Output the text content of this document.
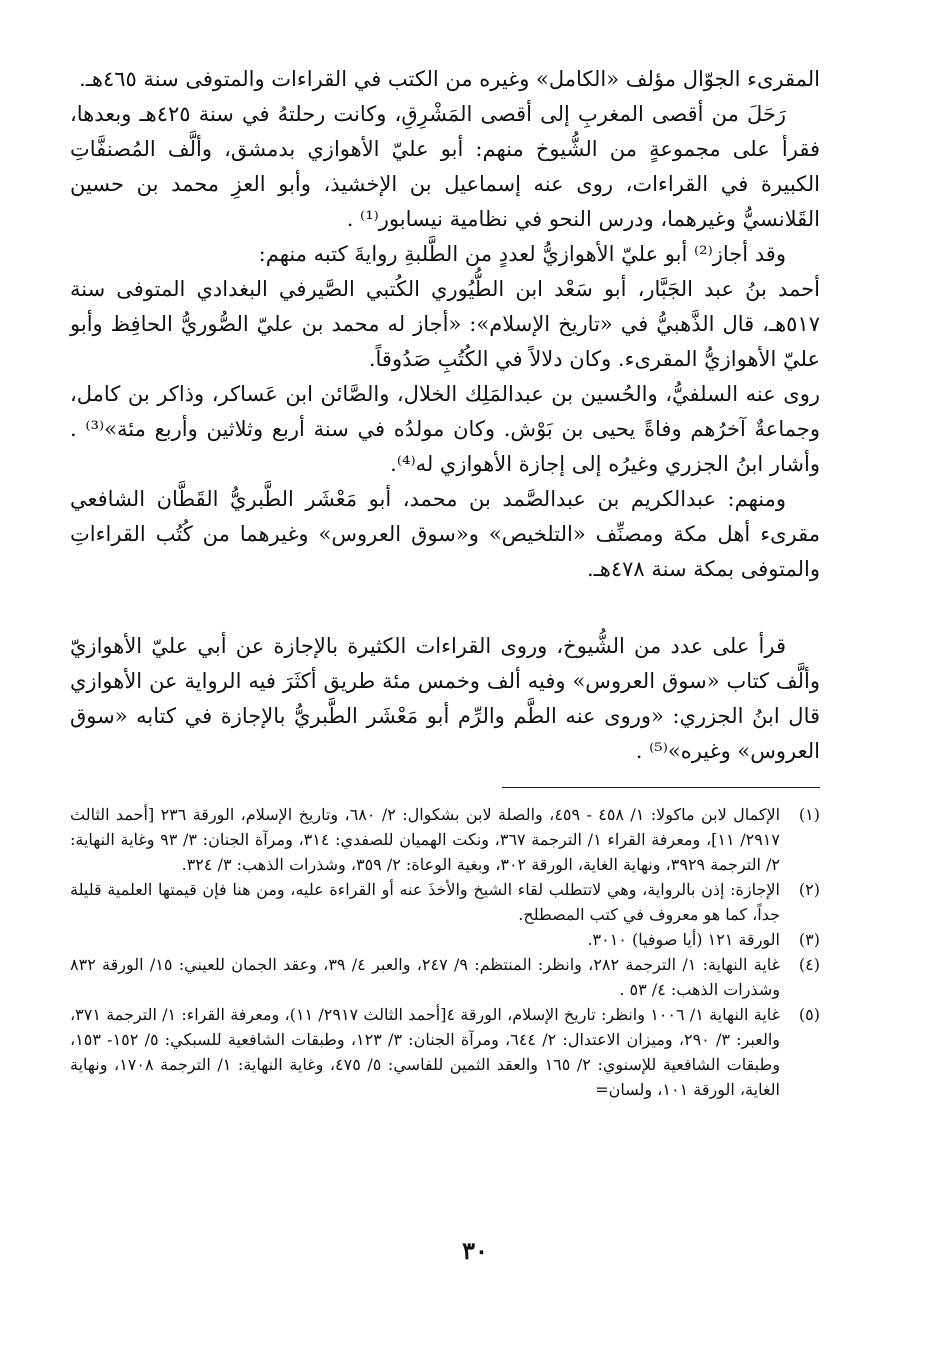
المقرىء الجوّال مؤلف «الكامل» وغيره من الكتب في القراءات والمتوفى سنة ٤٦٥هـ.

رَحَلَ من أقصى المغربِ إلى أقصى المَشْرِقِ، وكانت رحلتهُ في سنة ٤٢٥هـ وبعدها، فقرأ على مجموعةٍ من الشُّيوخ منهم: أبو عليّ الأهوازي بدمشق، وألَّف المُصنفَّاتِ الكبيرة في القراءات، روى عنه إسماعيل بن الإخشيذ، وأبو العزِ محمد بن حسين القَلانسيُّ وغيرهما، ودرس النحو في نظامية نيسابور⁽¹⁾ .

وقد أجاز⁽²⁾ أبو عليّ الأهوازيُّ لعددٍ من الطَّلبةِ روايةَ كتبه منهم:

أحمد بنُ عبد الجَبَّار، أبو سَعْد ابن الطُّيُوري الكُتبي الصَّيرفي البغدادي المتوفى سنة ٥١٧هـ، قال الذَّهبيُّ في «تاريخ الإسلام»: «أجاز له محمد بن عليّ الصُّوريُّ الحافِظ وأبو عليّ الأهوازيُّ المقرىء. وكان دلالاً في الكُتُبِ صَدُوقاً.

روى عنه السلفيُّ، والحُسين بن عبدالمَلِك الخلال، والصَّائن ابن عَساكر، وذاكر بن كامل، وجماعةٌ آخرُهم وفاةً يحيى بن بَوْش. وكان مولدُه في سنة أربع وثلاثين وأربع مئة»⁽³⁾ . وأشار ابنُ الجزري وغيرُه إلى إجازة الأهوازي له⁽⁴⁾.

ومنهم: عبدالكريم بن عبدالصَّمد بن محمد، أبو مَعْشَر الطَّبريُّ القَطَّان الشافعي مقرىء أهل مكة ومصنِّف «التلخيص» و«سوق العروس» وغيرهما من كُتُب القراءاتِ والمتوفى بمكة سنة ٤٧٨هـ.

قرأ على عدد من الشُّيوخ، وروى القراءات الكثيرة بالإجازة عن أبي عليّ الأهوازيّ وألَّف كتاب «سوق العروس» وفيه ألف وخمس مئة طريق أكثَرَ فيه الرواية عن الأهوازي قال ابنُ الجزري: «وروى عنه الطَّم والرِّم أبو مَعْشَر الطَّبريُّ بالإجازة في كتابه «سوق العروس» وغيره»⁽⁵⁾ .

(١)
الإكمال لابن ماكولا: ١/ ٤٥٨ - ٤٥٩، والصلة لابن بشكوال: ٢/ ٦٨٠، وتاريخ الإسلام، الورقة ٢٣٦ [أحمد الثالث ٢٩١٧/ ١١]، ومعرفة القراء ١/ الترجمة ٣٦٧، ونكت الهميان للصفدي: ٣١٤، ومرآة الجنان: ٣/ ٩٣ وغاية النهاية: ٢/ الترجمة ٣٩٢٩، ونهاية الغاية، الورقة ٣٠٢، وبغية الوعاة: ٢/ ٣٥٩، وشذرات الذهب: ٣/ ٣٢٤.
(٢)
الإجازة: إذن بالرواية، وهي لاتتطلب لقاء الشيخ والأخذَ عنه أو القراءة عليه، ومن هنا فإن قيمتها العلمية قليلة جداً، كما هو معروف في كتب المصطلح.
(٣)
الورقة ١٢١ (أيا صوفيا) ٣٠١٠.
(٤)
غاية النهاية: ١/ الترجمة ٢٨٢، وانظر: المنتظم: ٩/ ٢٤٧، والعبر ٤/ ٣٩، وعقد الجمان للعيني: ١٥/ الورقة ٨٣٢ وشذرات الذهب: ٤/ ٥٣ .
(٥)
غاية النهاية ١/ ١٠٠٦ وانظر: تاريخ الإسلام، الورقة ٤[أحمد الثالث ٢٩١٧/ ١١)، ومعرفة القراء: ١/ الترجمة ٣٧١، والعبر: ٣/ ٢٩٠، وميزان الاعتدال: ٢/ ٦٤٤، ومرآة الجنان: ٣/ ١٢٣، وطبقات الشافعية للسبكي: ٥/ ١٥٢- ١٥٣، وطبقات الشافعية للإسنوي: ٢/ ١٦٥ والعقد الثمين للفاسي: ٥/ ٤٧٥، وغاية النهاية: ١/ الترجمة ١٧٠٨، ونهاية الغاية، الورقة ١٠١، ولسان=
٣٠
